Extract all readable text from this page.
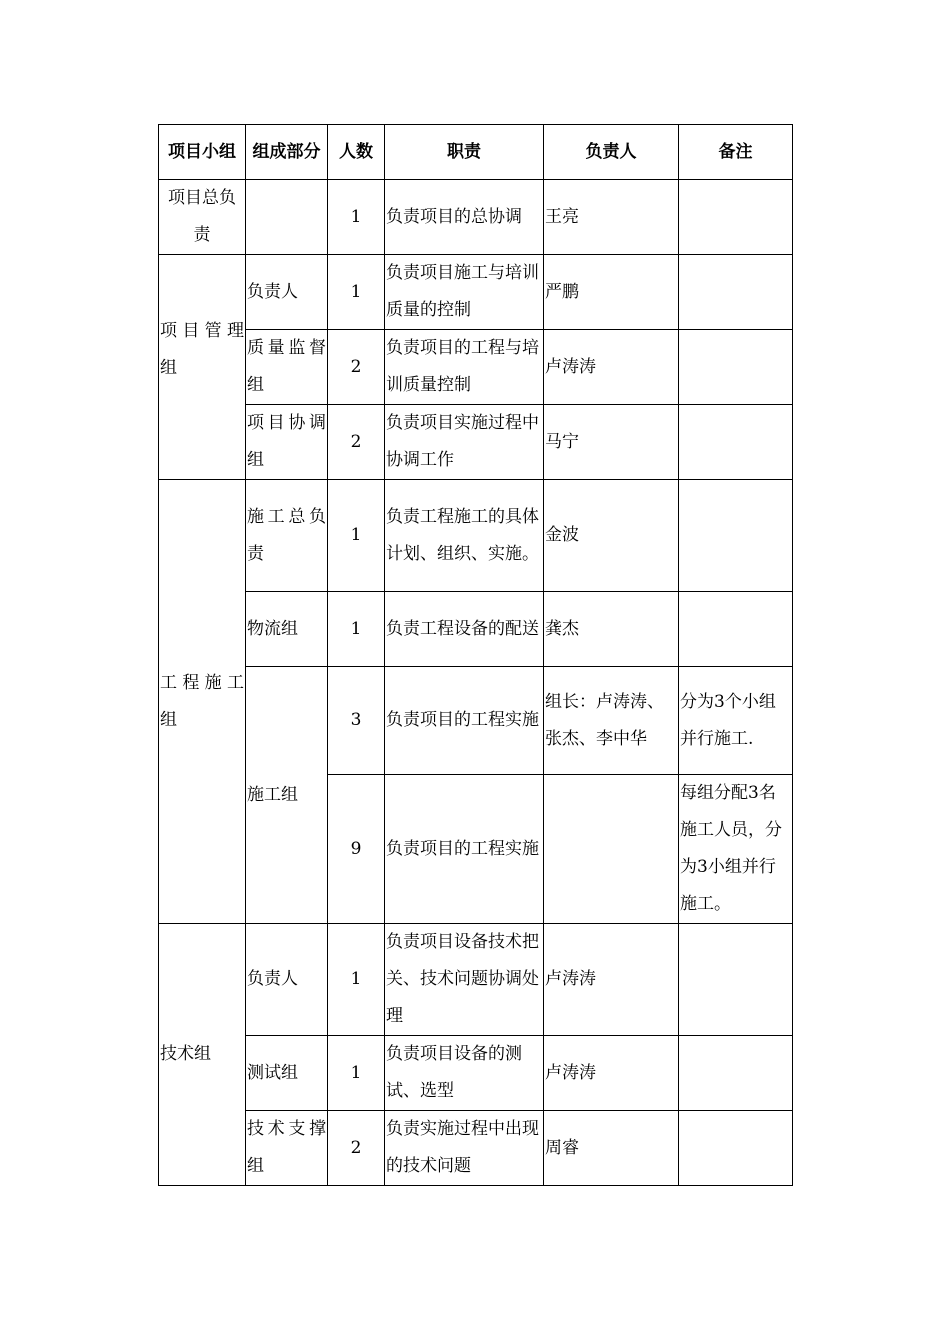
项目小组	组成部分	人数	职责	负责人	备注
项目总负责		1	负责项目的总协调	王亮	
项目管理组	负责人	1	负责项目施工与培训质量的控制	严鹏	
	质量监督组	2	负责项目的工程与培训质量控制	卢涛涛	
	项目协调组	2	负责项目实施过程中协调工作	马宁	
工程施工组	施工总负责	1	负责工程施工的具体计划、组织、实施。	金波	
	物流组	1	负责工程设备的配送	龚杰	
	施工组	3	负责项目的工程实施	组长：卢涛涛、 张杰、李中华	分为3个小组并行施工.
		9	负责项目的工程实施		每组分配3名施工人员，分为3小组并行施工。
技术组	负责人	1	负责项目设备技术把关、技术问题协调处理	卢涛涛	
	测试组	1	负责项目设备的测试、选型	卢涛涛	
	技术支撑组	2	负责实施过程中出现的技术问题	周睿	
